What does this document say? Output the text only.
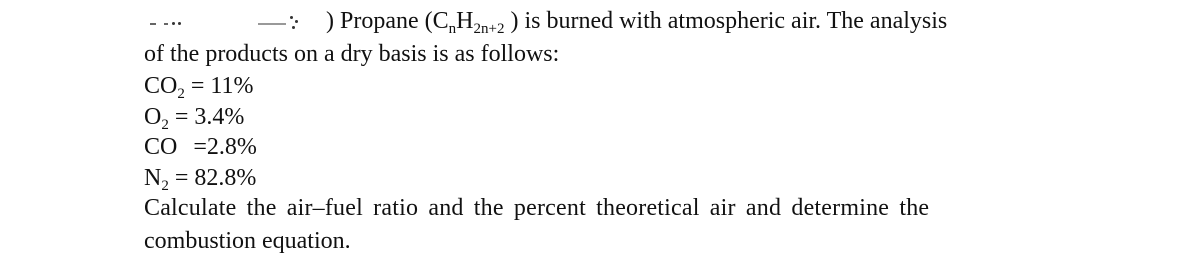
) Propane ($C_nH_{2n+2}$ ) is burned with atmospheric air. The analysis
of the products on a dry basis is as follows:
$CO_2 = 11\%$
$O_2 = 3.4\%$
CO =2.8%
$N_2 = 82.8\%$
Calculate the air–fuel ratio and the percent theoretical air and determine the
combustion equation.
